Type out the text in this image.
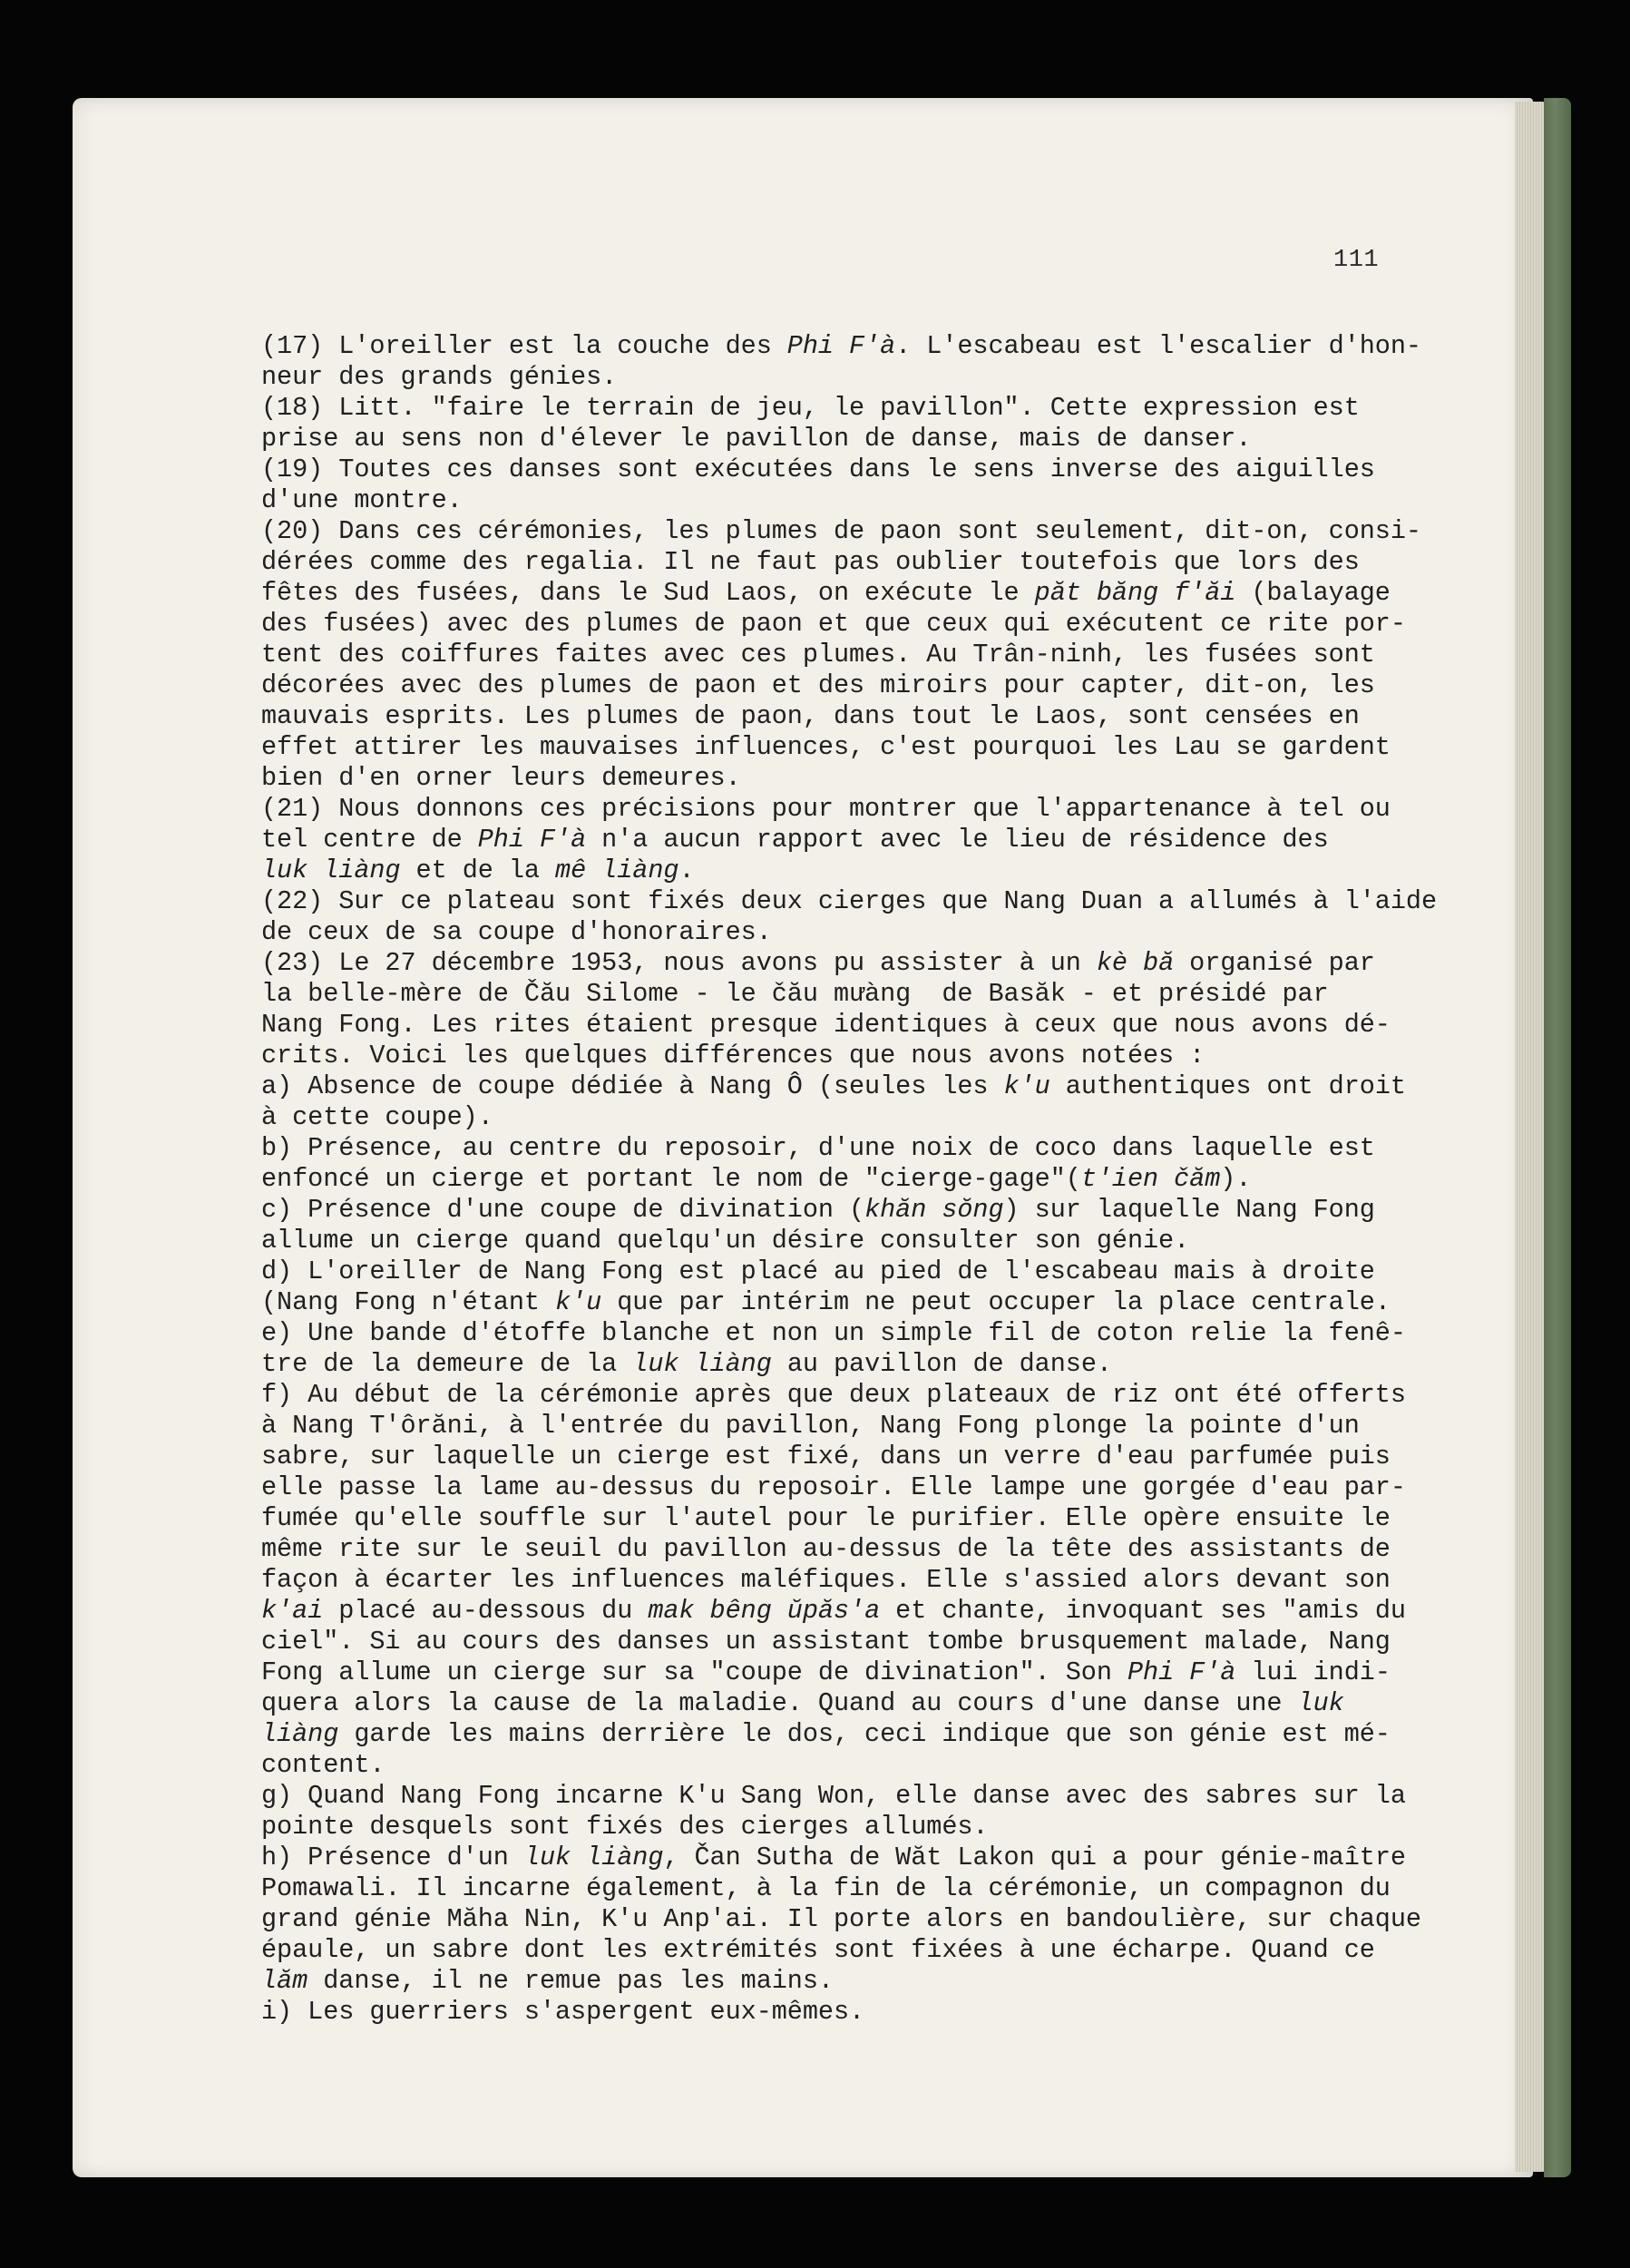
111
(17) L'oreiller est la couche des Phi F'à. L'escabeau est l'escalier d'hon-
neur des grands génies.
(18) Litt. "faire le terrain de jeu, le pavillon". Cette expression est
prise au sens non d'élever le pavillon de danse, mais de danser.
(19) Toutes ces danses sont exécutées dans le sens inverse des aiguilles
d'une montre.
(20) Dans ces cérémonies, les plumes de paon sont seulement, dit-on, consi-
dérées comme des regalia. Il ne faut pas oublier toutefois que lors des
fêtes des fusées, dans le Sud Laos, on exécute le păt băng f'ăi (balayage
des fusées) avec des plumes de paon et que ceux qui exécutent ce rite por-
tent des coiffures faites avec ces plumes. Au Trân-ninh, les fusées sont
décorées avec des plumes de paon et des miroirs pour capter, dit-on, les
mauvais esprits. Les plumes de paon, dans tout le Laos, sont censées en
effet attirer les mauvaises influences, c'est pourquoi les Lau se gardent
bien d'en orner leurs demeures.
(21) Nous donnons ces précisions pour montrer que l'appartenance à tel ou
tel centre de Phi F'à n'a aucun rapport avec le lieu de résidence des
luk liàng et de la mê liàng.
(22) Sur ce plateau sont fixés deux cierges que Nang Duan a allumés à l'aide
de ceux de sa coupe d'honoraires.
(23) Le 27 décembre 1953, nous avons pu assister à un kè bă organisé par
la belle-mère de Čău Silome - le čău mưàng  de Basăk - et présidé par
Nang Fong. Les rites étaient presque identiques à ceux que nous avons dé-
crits. Voici les quelques différences que nous avons notées :
a) Absence de coupe dédiée à Nang Ô (seules les k'u authentiques ont droit
à cette coupe).
b) Présence, au centre du reposoir, d'une noix de coco dans laquelle est
enfoncé un cierge et portant le nom de "cierge-gage"(t'ien čăm).
c) Présence d'une coupe de divination (khăn sŏng) sur laquelle Nang Fong
allume un cierge quand quelqu'un désire consulter son génie.
d) L'oreiller de Nang Fong est placé au pied de l'escabeau mais à droite
(Nang Fong n'étant k'u que par intérim ne peut occuper la place centrale.
e) Une bande d'étoffe blanche et non un simple fil de coton relie la fenê-
tre de la demeure de la luk liàng au pavillon de danse.
f) Au début de la cérémonie après que deux plateaux de riz ont été offerts
à Nang T'ôrăni, à l'entrée du pavillon, Nang Fong plonge la pointe d'un
sabre, sur laquelle un cierge est fixé, dans un verre d'eau parfumée puis
elle passe la lame au-dessus du reposoir. Elle lampe une gorgée d'eau par-
fumée qu'elle souffle sur l'autel pour le purifier. Elle opère ensuite le
même rite sur le seuil du pavillon au-dessus de la tête des assistants de
façon à écarter les influences maléfiques. Elle s'assied alors devant son
k'ai placé au-dessous du mak bêng ŭpăs'a et chante, invoquant ses "amis du
ciel". Si au cours des danses un assistant tombe brusquement malade, Nang
Fong allume un cierge sur sa "coupe de divination". Son Phi F'à lui indi-
quera alors la cause de la maladie. Quand au cours d'une danse une luk
liàng garde les mains derrière le dos, ceci indique que son génie est mé-
content.
g) Quand Nang Fong incarne K'u Sang Won, elle danse avec des sabres sur la
pointe desquels sont fixés des cierges allumés.
h) Présence d'un luk liàng, Čan Sutha de Wăt Lakon qui a pour génie-maître
Pomawali. Il incarne également, à la fin de la cérémonie, un compagnon du
grand génie Măha Nin, K'u Anp'ai. Il porte alors en bandoulière, sur chaque
épaule, un sabre dont les extrémités sont fixées à une écharpe. Quand ce
lăm danse, il ne remue pas les mains.
i) Les guerriers s'aspergent eux-mêmes.
